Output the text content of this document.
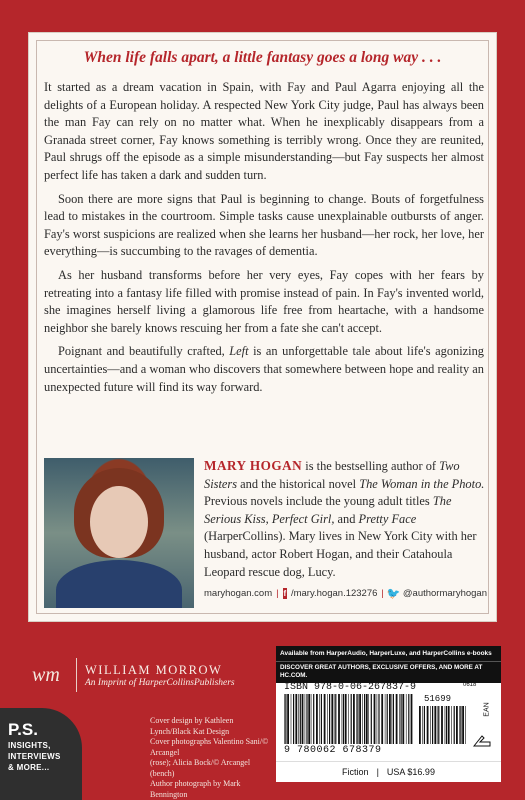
When life falls apart, a little fantasy goes a long way . . .

It started as a dream vacation in Spain, with Fay and Paul Agarra enjoying all the delights of a European holiday. A respected New York City judge, Paul has always been the man Fay can rely on no matter what. When he inexplicably disappears from a Granada street corner, Fay knows something is terribly wrong. Once they are reunited, Paul shrugs off the episode as a simple misunderstanding—but Fay suspects her almost perfect life has taken a dark and sudden turn.

Soon there are more signs that Paul is beginning to change. Bouts of forgetfulness lead to mistakes in the courtroom. Simple tasks cause unexplainable outbursts of anger. Fay's worst suspicions are realized when she learns her husband—her rock, her love, her everything—is succumbing to the ravages of dementia.

As her husband transforms before her very eyes, Fay copes with her fears by retreating into a fantasy life filled with promise instead of pain. In Fay's invented world, she imagines herself living a glamorous life free from heartache, with a handsome neighbor she barely knows rescuing her from a fate she can't accept.

Poignant and beautifully crafted, Left is an unforgettable tale about life's agonizing uncertainties—and a woman who discovers that somewhere between hope and reality an unexpected future will find its way forward.

MARY HOGAN is the bestselling author of Two Sisters and the historical novel The Woman in the Photo. Previous novels include the young adult titles The Serious Kiss, Perfect Girl, and Pretty Face (HarperCollins). Mary lives in New York City with her husband, actor Robert Hogan, and their Catahoula Leopard rescue dog, Lucy.
maryhogan.com | f /mary.hogan.123276 | 🐦 @authormaryhogan
wm	WILLIAM MORROW
An Imprint of HarperCollinsPublishers
P.S.
INSIGHTS,
INTERVIEWS
& MORE...
Cover design by Kathleen Lynch/Black Kat Design
Cover photographs Valentino Sani/© Arcangel
(rose); Alicia Bock/© Arcangel (bench)
Author photograph by Mark Bennington
Available from HarperAudio, HarperLuxe, and HarperCollins e-books
DISCOVER GREAT AUTHORS, EXCLUSIVE OFFERS, AND MORE AT HC.COM.
ISBN 978-0-06-267837-9	0618
51699
EAN
9 780062 678379
Fiction | USA $16.99
